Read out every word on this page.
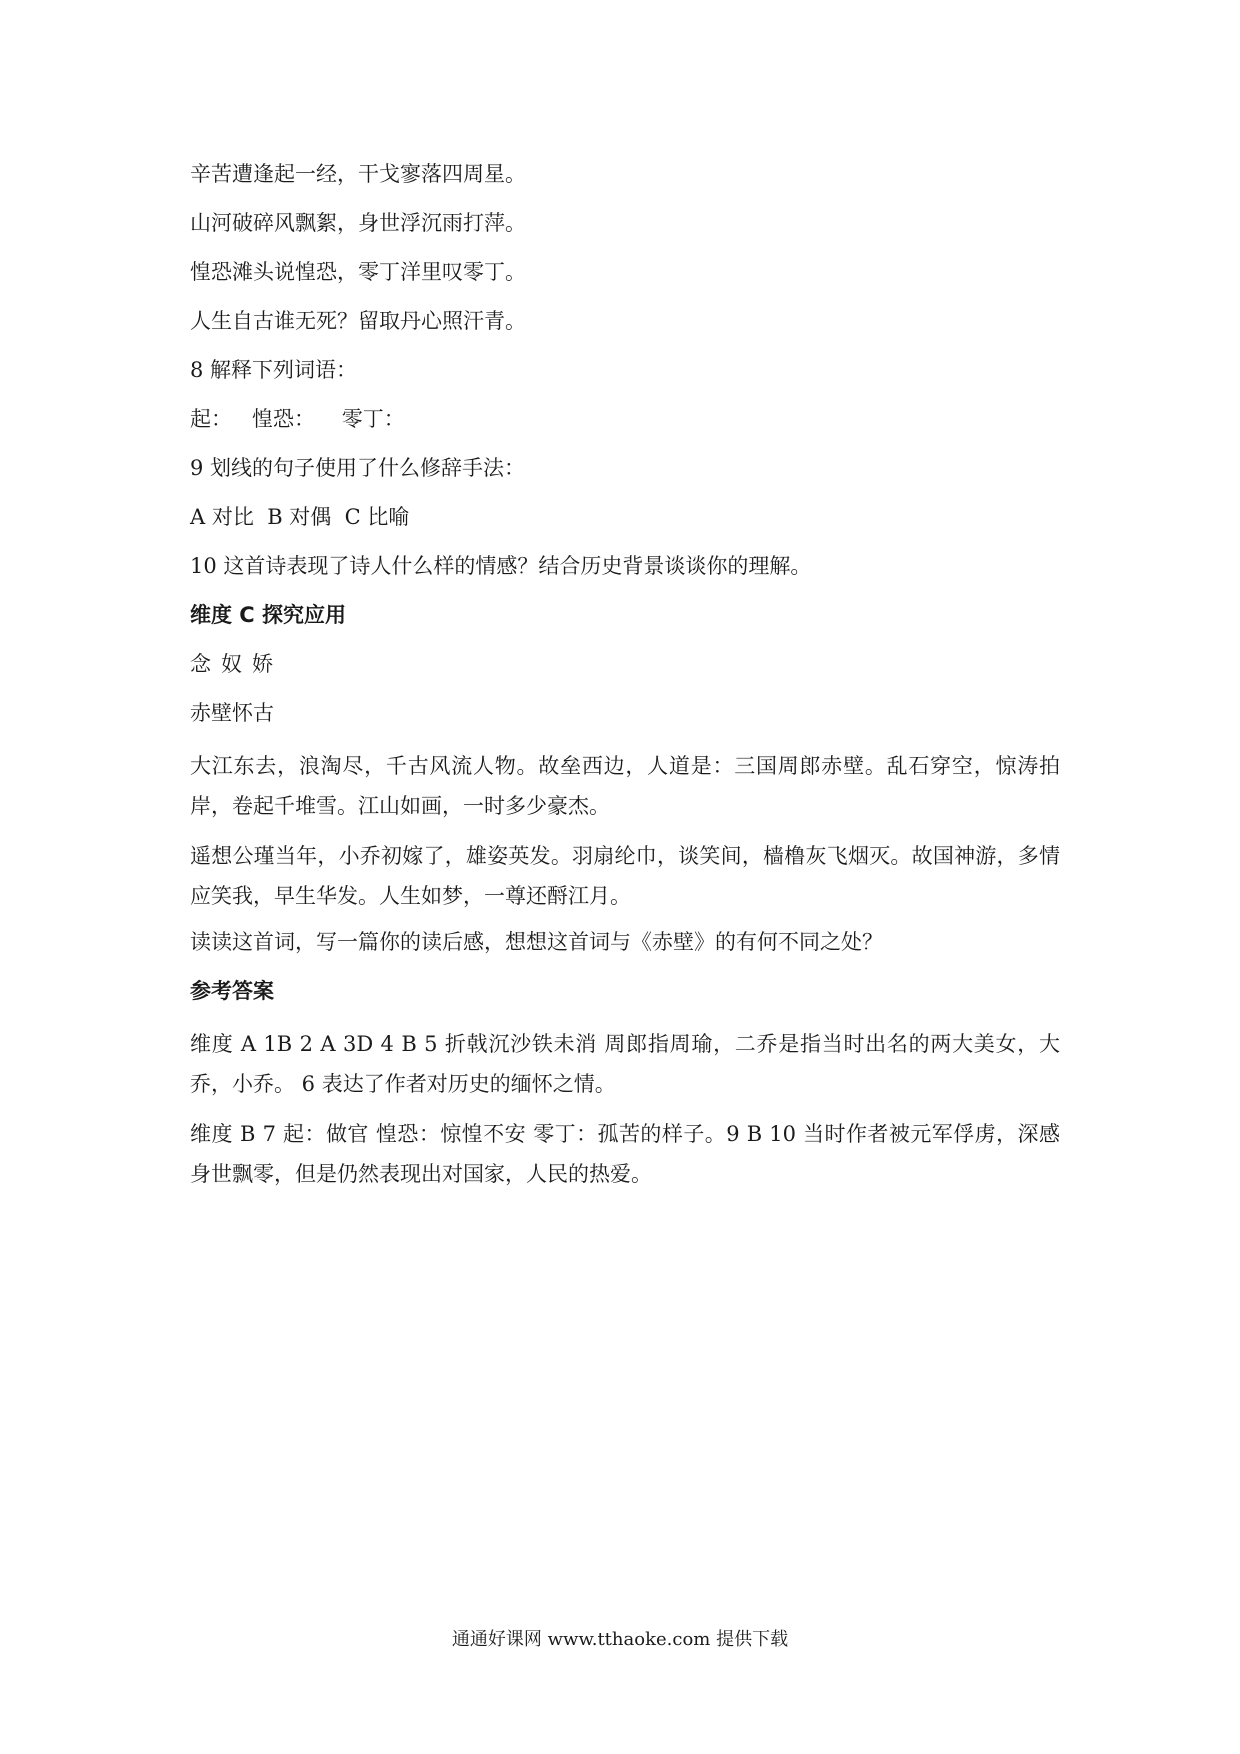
辛苦遭逢起一经，干戈寥落四周星。

山河破碎风飘絮，身世浮沉雨打萍。

惶恐滩头说惶恐，零丁洋里叹零丁。

人生自古谁无死？留取丹心照汗青。

8 解释下列词语：

起：   惶恐：    零丁：

9 划线的句子使用了什么修辞手法：

A 对比  B 对偶  C 比喻

10 这首诗表现了诗人什么样的情感？结合历史背景谈谈你的理解。

维度 C 探究应用

念奴娇

赤壁怀古

大江东去，浪淘尽，千古风流人物。故垒西边，人道是：三国周郎赤壁。乱石穿空，惊涛拍岸，卷起千堆雪。江山如画，一时多少豪杰。

遥想公瑾当年，小乔初嫁了，雄姿英发。羽扇纶巾，谈笑间，樯橹灰飞烟灭。故国神游，多情应笑我，早生华发。人生如梦，一尊还酹江月。

读读这首词，写一篇你的读后感，想想这首词与《赤壁》的有何不同之处？

参考答案

维度 A 1B 2 A 3D 4 B 5 折戟沉沙铁未消 周郎指周瑜，二乔是指当时出名的两大美女，大乔，小乔。 6 表达了作者对历史的缅怀之情。

维度 B 7 起：做官 惶恐：惊惶不安 零丁：孤苦的样子。9 B 10 当时作者被元军俘虏，深感身世飘零，但是仍然表现出对国家，人民的热爱。

通通好课网 www.tthaoke.com 提供下载
